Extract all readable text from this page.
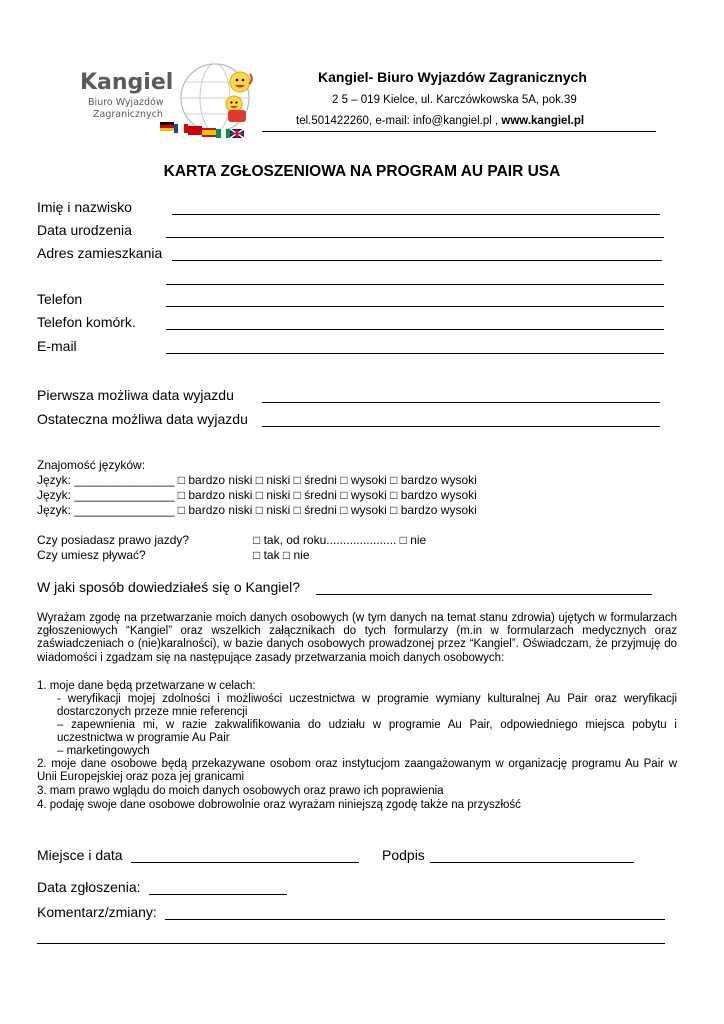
Kangiel
Biuro Wyjazdów
Zagranicznych
Kangiel- Biuro Wyjazdów Zagranicznych
2 5 – 019 Kielce, ul. Karczówkowska 5A, pok.39
tel.501422260, e-mail: info@kangiel.pl , www.kangiel.pl
KARTA ZGŁOSZENIOWA NA PROGRAM AU PAIR USA
Imię i nazwisko
Data urodzenia
Adres zamieszkania
Telefon
Telefon komórk.
E-mail
Pierwsza możliwa data wyjazdu
Ostateczna możliwa data wyjazdu
Znajomość języków:
Język: _______________ □ bardzo niski □ niski □ średni □ wysoki □ bardzo wysoki
Język: _______________ □ bardzo niski □ niski □ średni □ wysoki □ bardzo wysoki
Język: _______________ □ bardzo niski □ niski □ średni □ wysoki □ bardzo wysoki
Czy posiadasz prawo jazdy?	□ tak, od roku..................... □ nie
Czy umiesz pływać?	□ tak □ nie
W jaki sposób dowiedziałeś się o Kangiel?
Wyrażam zgodę na przetwarzanie moich danych osobowych (w tym danych na temat stanu zdrowia) ujętych w formularzach zgłoszeniowych “Kangiel” oraz wszelkich załącznikach do tych formularzy (m.in w formularzach medycznych oraz zaświadczeniach o (nie)karalności), w bazie danych osobowych prowadzonej przez “Kangiel”. Oświadczam, że przyjmuję do wiadomości i zgadzam się na następujące zasady przetwarzania moich danych osobowych:
1. moje dane będą przetwarzane w celach:
- weryfikacji mojej zdolności i możliwości uczestnictwa w programie wymiany kulturalnej Au Pair oraz weryfikacji dostarczonych przeze mnie referencji
– zapewnienia mi, w razie zakwalifikowania do udziału w programie Au Pair, odpowiedniego miejsca pobytu i uczestnictwa w programie Au Pair
– marketingowych
2. moje dane osobowe będą przekazywane osobom oraz instytucjom zaangażowanym w organizację programu Au Pair w Unii Europejskiej oraz poza jej granicami
3. mam prawo wglądu do moich danych osobowych oraz prawo ich poprawienia
4. podaję swoje dane osobowe dobrowolnie oraz wyrażam niniejszą zgodę także na przyszłość
Miejsce i data	Podpis
Data zgłoszenia:
Komentarz/zmiany:
